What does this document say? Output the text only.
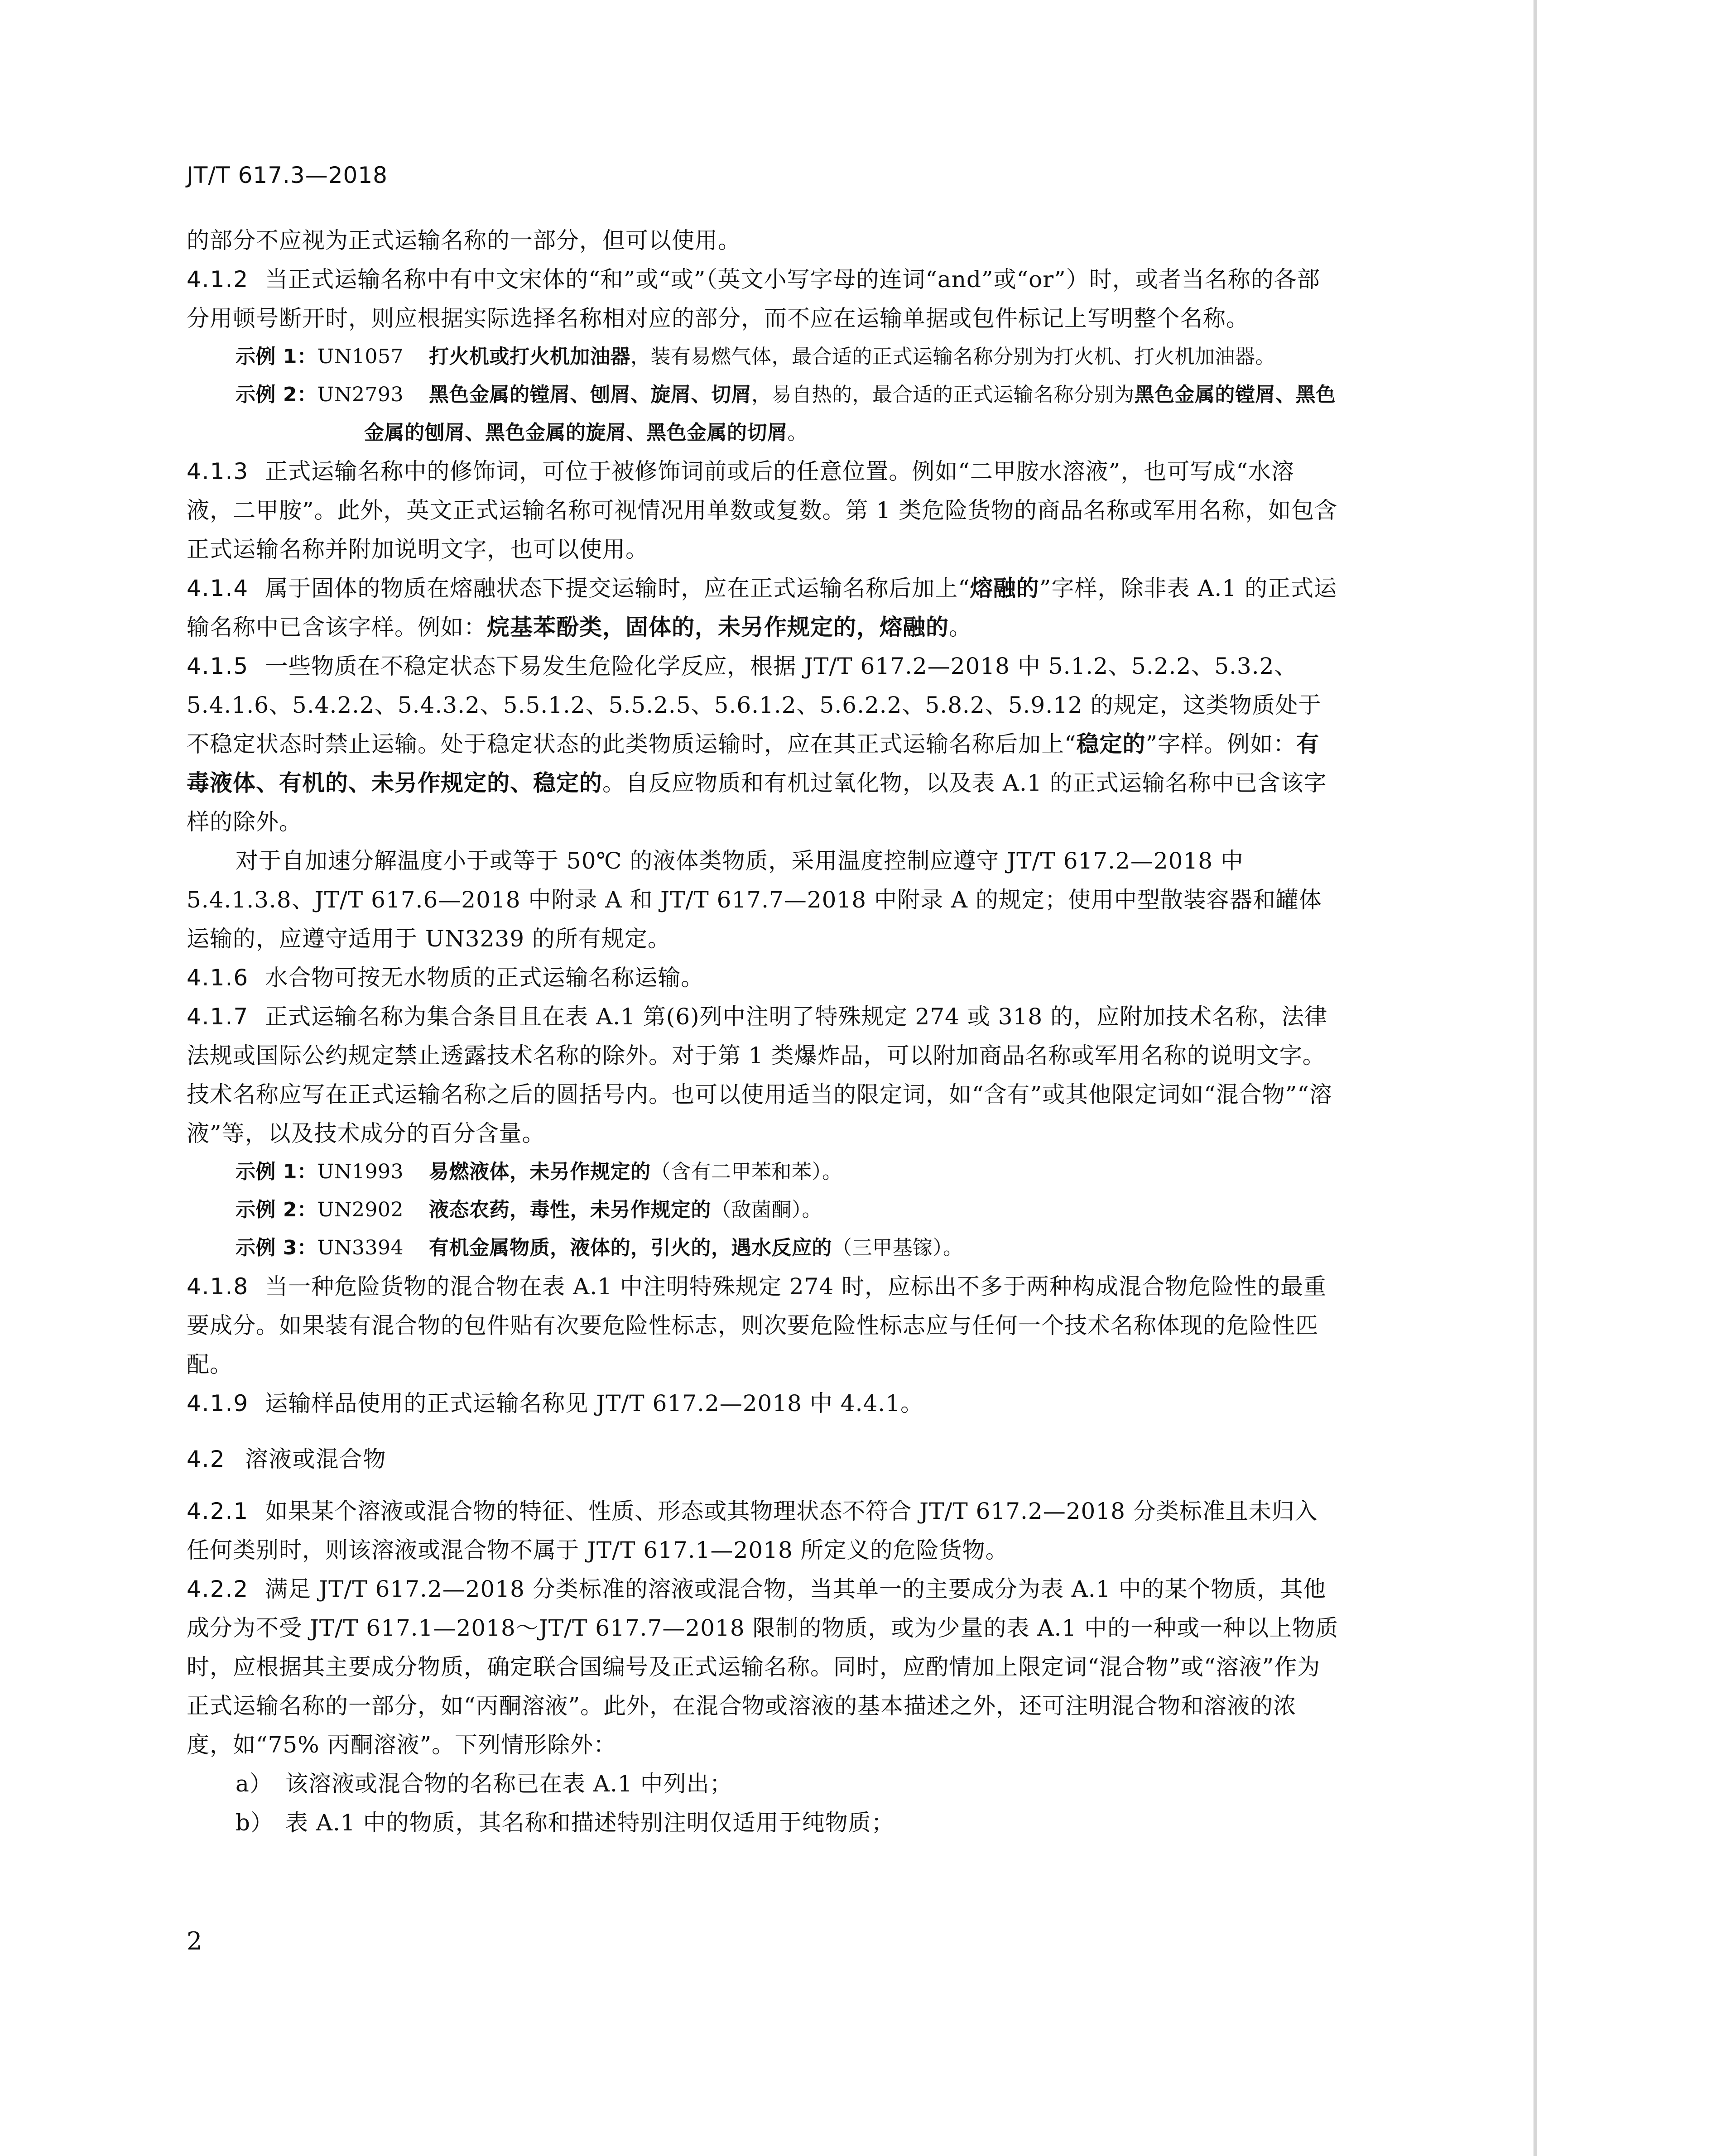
JT/T 617.3—2018

的部分不应视为正式运输名称的一部分，但可以使用。

4.1.2 当正式运输名称中有中文宋体的“和”或“或”（英文小写字母的连词“and”或“or”）时，或者当名称的各部分用顿号断开时，则应根据实际选择名称相对应的部分，而不应在运输单据或包件标记上写明整个名称。

示例 1：UN1057 打火机或打火机加油器，装有易燃气体，最合适的正式运输名称分别为打火机、打火机加油器。

示例 2：UN2793 黑色金属的镗屑、刨屑、旋屑、切屑，易自热的，最合适的正式运输名称分别为黑色金属的镗屑、黑色金属的刨屑、黑色金属的旋屑、黑色金属的切屑。

4.1.3 正式运输名称中的修饰词，可位于被修饰词前或后的任意位置。例如“二甲胺水溶液”，也可写成“水溶液，二甲胺”。此外，英文正式运输名称可视情况用单数或复数。第 1 类危险货物的商品名称或军用名称，如包含正式运输名称并附加说明文字，也可以使用。

4.1.4 属于固体的物质在熔融状态下提交运输时，应在正式运输名称后加上“熔融的”字样，除非表 A.1 的正式运输名称中已含该字样。例如：烷基苯酚类，固体的，未另作规定的，熔融的。

4.1.5 一些物质在不稳定状态下易发生危险化学反应，根据 JT/T 617.2—2018 中 5.1.2、5.2.2、5.3.2、5.4.1.6、5.4.2.2、5.4.3.2、5.5.1.2、5.5.2.5、5.6.1.2、5.6.2.2、5.8.2、5.9.12 的规定，这类物质处于不稳定状态时禁止运输。处于稳定状态的此类物质运输时，应在其正式运输名称后加上“稳定的”字样。例如：有毒液体、有机的、未另作规定的、稳定的。自反应物质和有机过氧化物，以及表 A.1 的正式运输名称中已含该字样的除外。

对于自加速分解温度小于或等于 50℃ 的液体类物质，采用温度控制应遵守 JT/T 617.2—2018 中 5.4.1.3.8、JT/T 617.6—2018 中附录 A 和 JT/T 617.7—2018 中附录 A 的规定；使用中型散装容器和罐体运输的，应遵守适用于 UN3239 的所有规定。

4.1.6 水合物可按无水物质的正式运输名称运输。

4.1.7 正式运输名称为集合条目且在表 A.1 第(6)列中注明了特殊规定 274 或 318 的，应附加技术名称，法律法规或国际公约规定禁止透露技术名称的除外。对于第 1 类爆炸品，可以附加商品名称或军用名称的说明文字。技术名称应写在正式运输名称之后的圆括号内。也可以使用适当的限定词，如“含有”或其他限定词如“混合物”“溶液”等，以及技术成分的百分含量。

示例 1：UN1993 易燃液体，未另作规定的（含有二甲苯和苯）。

示例 2：UN2902 液态农药，毒性，未另作规定的（敌菌酮）。

示例 3：UN3394 有机金属物质，液体的，引火的，遇水反应的（三甲基镓）。

4.1.8 当一种危险货物的混合物在表 A.1 中注明特殊规定 274 时，应标出不多于两种构成混合物危险性的最重要成分。如果装有混合物的包件贴有次要危险性标志，则次要危险性标志应与任何一个技术名称体现的危险性匹配。

4.1.9 运输样品使用的正式运输名称见 JT/T 617.2—2018 中 4.4.1。

4.2 溶液或混合物

4.2.1 如果某个溶液或混合物的特征、性质、形态或其物理状态不符合 JT/T 617.2—2018 分类标准且未归入任何类别时，则该溶液或混合物不属于 JT/T 617.1—2018 所定义的危险货物。

4.2.2 满足 JT/T 617.2—2018 分类标准的溶液或混合物，当其单一的主要成分为表 A.1 中的某个物质，其他成分为不受 JT/T 617.1—2018～JT/T 617.7—2018 限制的物质，或为少量的表 A.1 中的一种或一种以上物质时，应根据其主要成分物质，确定联合国编号及正式运输名称。同时，应酌情加上限定词“混合物”或“溶液”作为正式运输名称的一部分，如“丙酮溶液”。此外，在混合物或溶液的基本描述之外，还可注明混合物和溶液的浓度，如“75% 丙酮溶液”。下列情形除外：

a） 该溶液或混合物的名称已在表 A.1 中列出；

b） 表 A.1 中的物质，其名称和描述特别注明仅适用于纯物质；

2
